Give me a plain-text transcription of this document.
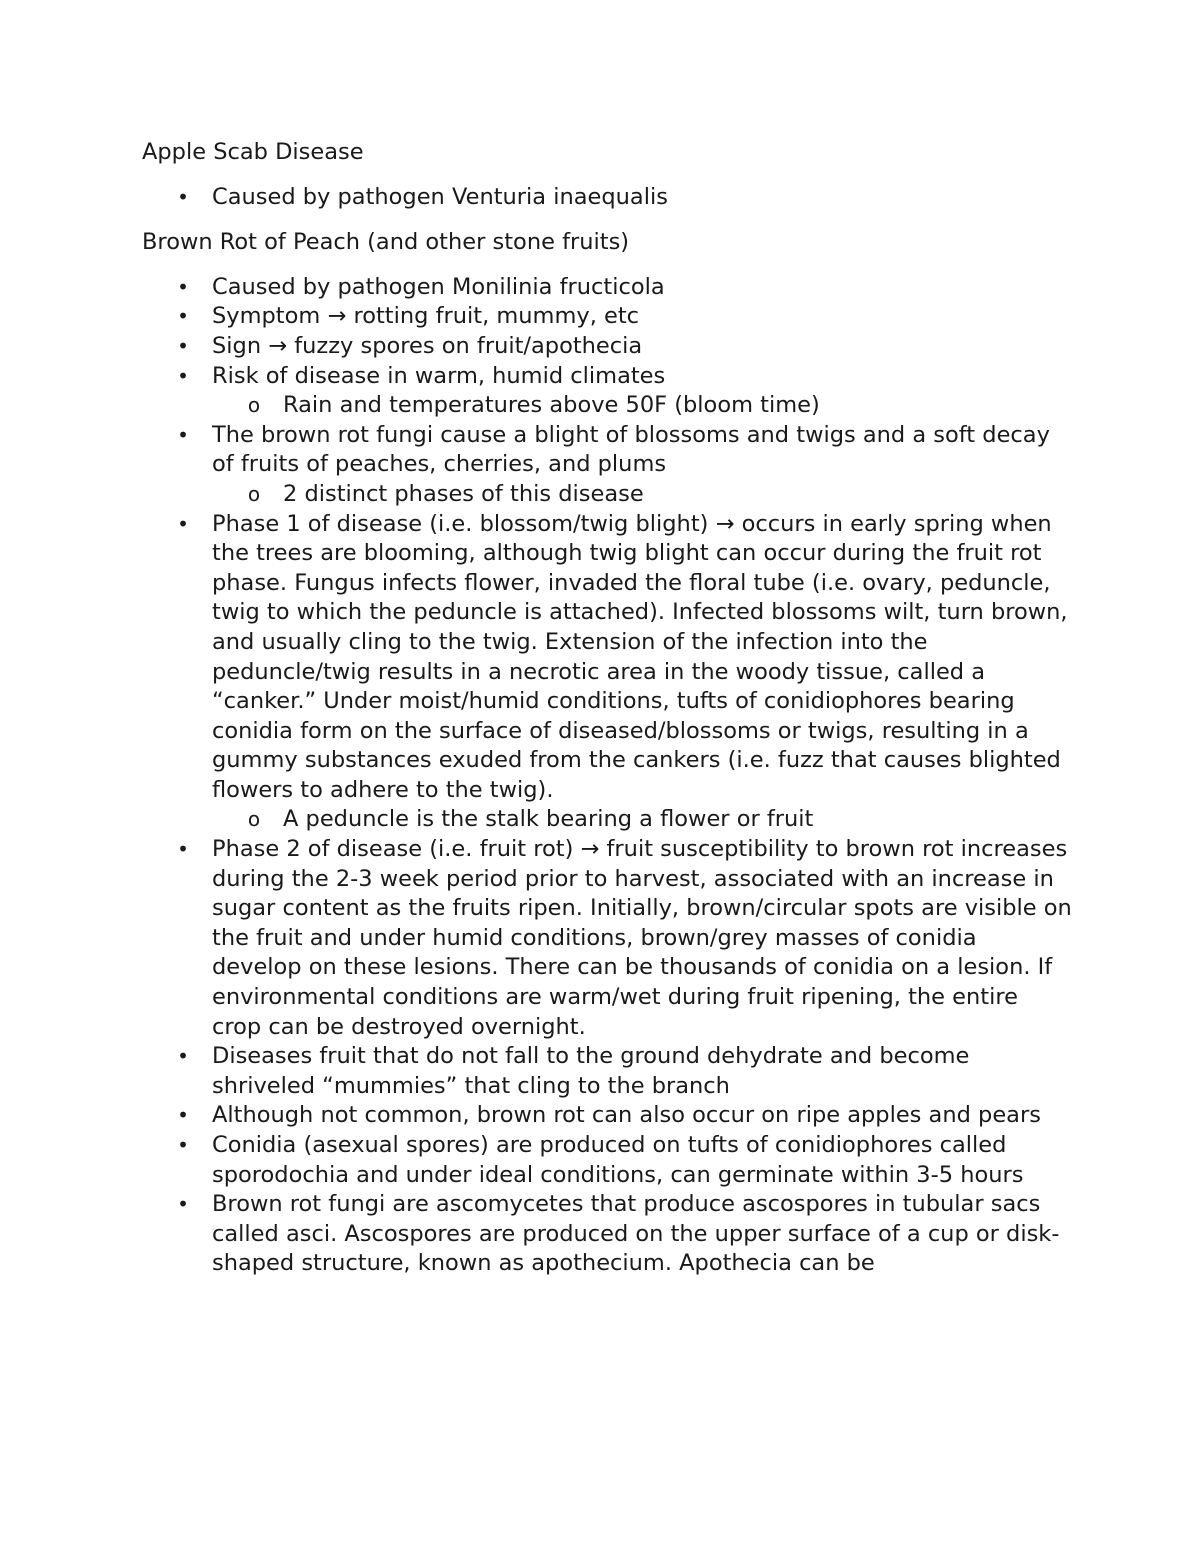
Apple Scab Disease

• Caused by pathogen Venturia inaequalis

Brown Rot of Peach (and other stone fruits)

• Caused by pathogen Monilinia fructicola
• Symptom → rotting fruit, mummy, etc
• Sign → fuzzy spores on fruit/apothecia
• Risk of disease in warm, humid climates
o Rain and temperatures above 50F (bloom time)
• The brown rot fungi cause a blight of blossoms and twigs and a soft decay of fruits of peaches, cherries, and plums
o 2 distinct phases of this disease
• Phase 1 of disease (i.e. blossom/twig blight) → occurs in early spring when the trees are blooming, although twig blight can occur during the fruit rot phase. Fungus infects flower, invaded the floral tube (i.e. ovary, peduncle, twig to which the peduncle is attached). Infected blossoms wilt, turn brown, and usually cling to the twig. Extension of the infection into the peduncle/twig results in a necrotic area in the woody tissue, called a “canker.” Under moist/humid conditions, tufts of conidiophores bearing conidia form on the surface of diseased/blossoms or twigs, resulting in a gummy substances exuded from the cankers (i.e. fuzz that causes blighted flowers to adhere to the twig).
o A peduncle is the stalk bearing a flower or fruit
• Phase 2 of disease (i.e. fruit rot) → fruit susceptibility to brown rot increases during the 2-3 week period prior to harvest, associated with an increase in sugar content as the fruits ripen. Initially, brown/circular spots are visible on the fruit and under humid conditions, brown/grey masses of conidia develop on these lesions. There can be thousands of conidia on a lesion. If environmental conditions are warm/wet during fruit ripening, the entire crop can be destroyed overnight.
• Diseases fruit that do not fall to the ground dehydrate and become shriveled “mummies” that cling to the branch
• Although not common, brown rot can also occur on ripe apples and pears
• Conidia (asexual spores) are produced on tufts of conidiophores called sporodochia and under ideal conditions, can germinate within 3-5 hours
• Brown rot fungi are ascomycetes that produce ascospores in tubular sacs called asci. Ascospores are produced on the upper surface of a cup or disk-shaped structure, known as apothecium. Apothecia can be
